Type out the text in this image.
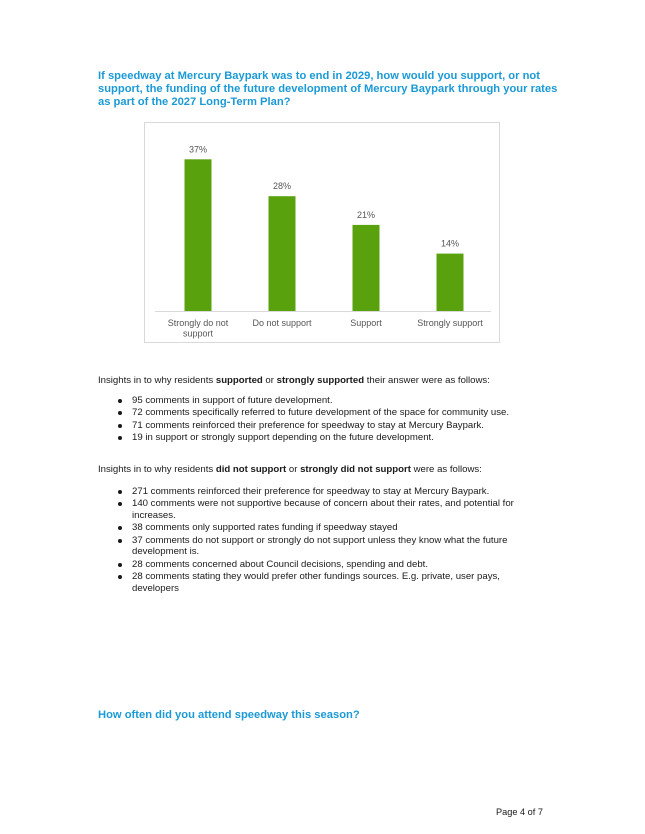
If speedway at Mercury Baypark was to end in 2029, how would you support, or not support, the funding of the future development of Mercury Baypark through your rates as part of the 2027 Long-Term Plan?
37%
Strongly do not
support
28%
Do not support
21%
Support
14%
Strongly support

Insights in to why residents supported or strongly supported their answer were as follows:

95 comments in support of future development.
72 comments specifically referred to future development of the space for community use.
71 comments reinforced their preference for speedway to stay at Mercury Baypark.
19 in support or strongly support depending on the future development.

Insights in to why residents did not support or strongly did not support were as follows:

271 comments reinforced their preference for speedway to stay at Mercury Baypark.
140 comments were not supportive because of concern about their rates, and potential for increases.
38 comments only supported rates funding if speedway stayed
37 comments do not support or strongly do not support unless they know what the future development is.
28 comments concerned about Council decisions, spending and debt.
28 comments stating they would prefer other fundings sources. E.g. private, user pays, developers
How often did you attend speedway this season?
Page 4 of 7
